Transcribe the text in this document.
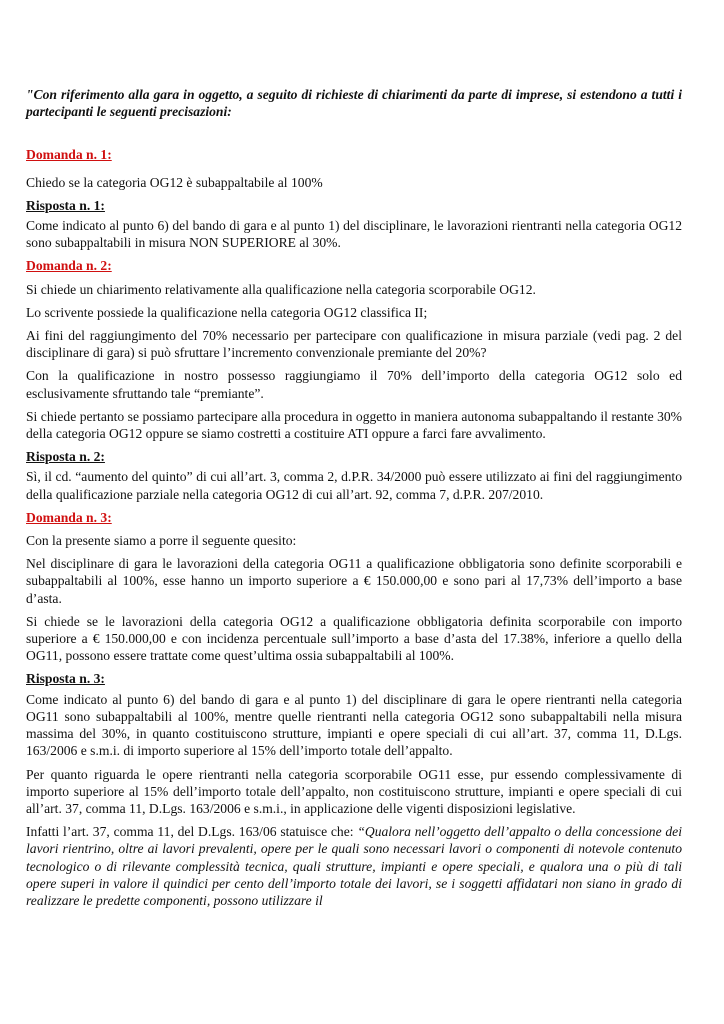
"Con riferimento alla gara in oggetto, a seguito di richieste di chiarimenti da parte di imprese, si estendono a tutti i partecipanti le seguenti precisazioni:

Domanda n. 1:

Chiedo se la categoria OG12 è subappaltabile al 100%

Risposta n. 1:

Come indicato al punto 6) del bando di gara e al punto 1) del disciplinare, le lavorazioni rientranti nella categoria OG12 sono subappaltabili in misura NON SUPERIORE al 30%.

Domanda n. 2:

Si chiede un chiarimento relativamente alla qualificazione nella categoria scorporabile OG12.

Lo scrivente possiede la qualificazione nella categoria OG12 classifica II;

Ai fini del raggiungimento del 70% necessario per partecipare con qualificazione in misura parziale (vedi pag. 2 del disciplinare di gara) si può sfruttare l’incremento convenzionale premiante del 20%?

Con la qualificazione in nostro possesso raggiungiamo il 70% dell’importo della categoria OG12 solo ed esclusivamente sfruttando tale “premiante”.

Si chiede pertanto se possiamo partecipare alla procedura in oggetto in maniera autonoma subappaltando il restante 30% della categoria OG12 oppure se siamo costretti a costituire ATI oppure a farci fare avvalimento.

Risposta n. 2:

Sì, il cd. “aumento del quinto” di cui all’art. 3, comma 2, d.P.R. 34/2000 può essere utilizzato ai fini del raggiungimento della qualificazione parziale nella categoria OG12 di cui all’art. 92, comma 7, d.P.R. 207/2010.

Domanda n. 3:

Con la presente siamo a porre il seguente quesito:

Nel disciplinare di gara le lavorazioni della categoria OG11 a qualificazione obbligatoria sono definite scorporabili e subappaltabili al 100%, esse hanno un importo superiore a € 150.000,00 e sono pari al 17,73% dell’importo a base d’asta.

Si chiede se le lavorazioni della categoria OG12 a qualificazione obbligatoria definita scorporabile con importo superiore a € 150.000,00 e con incidenza percentuale sull’importo a base d’asta del 17.38%, inferiore a quello della OG11, possono essere trattate come quest’ultima ossia subappaltabili al 100%.

Risposta n. 3:

Come indicato al punto 6) del bando di gara e al punto 1) del disciplinare di gara le opere rientranti nella categoria OG11 sono subappaltabili al 100%, mentre quelle rientranti nella categoria OG12 sono subappaltabili nella misura massima del 30%, in quanto costituiscono strutture, impianti e opere speciali di cui all’art. 37, comma 11, D.Lgs. 163/2006 e s.m.i. di importo superiore al 15% dell’importo totale dell’appalto.

Per quanto riguarda le opere rientranti nella categoria scorporabile OG11 esse, pur essendo complessivamente di importo superiore al 15% dell’importo totale dell’appalto, non costituiscono strutture, impianti e opere speciali di cui all’art. 37, comma 11, D.Lgs. 163/2006 e s.m.i., in applicazione delle vigenti disposizioni legislative.

Infatti l’art. 37, comma 11, del D.Lgs. 163/06 statuisce che: “Qualora nell’oggetto dell’appalto o della concessione dei lavori rientrino, oltre ai lavori prevalenti, opere per le quali sono necessari lavori o componenti di notevole contenuto tecnologico o di rilevante complessità tecnica, quali strutture, impianti e opere speciali, e qualora una o più di tali opere superi in valore il quindici per cento dell’importo totale dei lavori, se i soggetti affidatari non siano in grado di realizzare le predette componenti, possono utilizzare il
